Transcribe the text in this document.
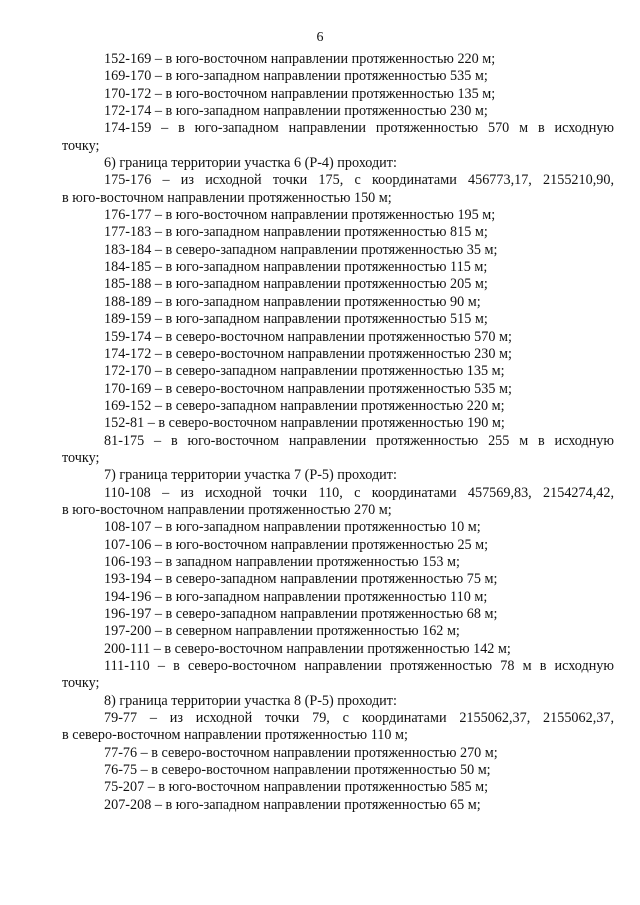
6
152-169 – в юго-восточном направлении протяженностью 220 м;
169-170 – в юго-западном направлении протяженностью 535 м;
170-172 – в юго-восточном направлении протяженностью 135 м;
172-174 – в юго-западном направлении протяженностью 230 м;
174-159 – в юго-западном направлении протяженностью 570 м в исходную
точку;
6) граница территории участка 6 (Р-4) проходит:
175-176 – из исходной точки 175, с координатами 456773,17, 2155210,90,
в юго-восточном направлении протяженностью 150 м;
176-177 – в юго-восточном направлении протяженностью 195 м;
177-183 – в юго-западном направлении протяженностью 815 м;
183-184 – в северо-западном направлении протяженностью 35 м;
184-185 – в юго-западном направлении протяженностью 115 м;
185-188 – в юго-западном направлении протяженностью 205 м;
188-189 – в юго-западном направлении протяженностью 90 м;
189-159 – в юго-западном направлении протяженностью 515 м;
159-174 – в северо-восточном направлении протяженностью 570 м;
174-172 – в северо-восточном направлении протяженностью 230 м;
172-170 – в северо-западном направлении протяженностью 135 м;
170-169 – в северо-восточном направлении протяженностью 535 м;
169-152 – в северо-западном направлении протяженностью 220 м;
152-81 – в северо-восточном направлении протяженностью 190 м;
81-175 – в юго-восточном направлении протяженностью 255 м в исходную
точку;
7) граница территории участка 7 (Р-5) проходит:
110-108 – из исходной точки 110, с координатами 457569,83, 2154274,42,
в юго-восточном направлении протяженностью 270 м;
108-107 – в юго-западном направлении протяженностью 10 м;
107-106 – в юго-восточном направлении протяженностью 25 м;
106-193 – в западном направлении протяженностью 153 м;
193-194 – в северо-западном направлении протяженностью 75 м;
194-196 – в юго-западном направлении протяженностью 110 м;
196-197 – в северо-западном направлении протяженностью 68 м;
197-200 – в северном направлении протяженностью 162 м;
200-111 – в северо-восточном направлении протяженностью 142 м;
111-110 – в северо-восточном направлении протяженностью 78 м в исходную
точку;
8) граница территории участка 8 (Р-5) проходит:
79-77 – из исходной точки 79, с координатами 2155062,37, 2155062,37,
в северо-восточном направлении протяженностью 110 м;
77-76 – в северо-восточном направлении протяженностью 270 м;
76-75 – в северо-восточном направлении протяженностью 50 м;
75-207 – в юго-восточном направлении протяженностью 585 м;
207-208 – в юго-западном направлении протяженностью 65 м;
